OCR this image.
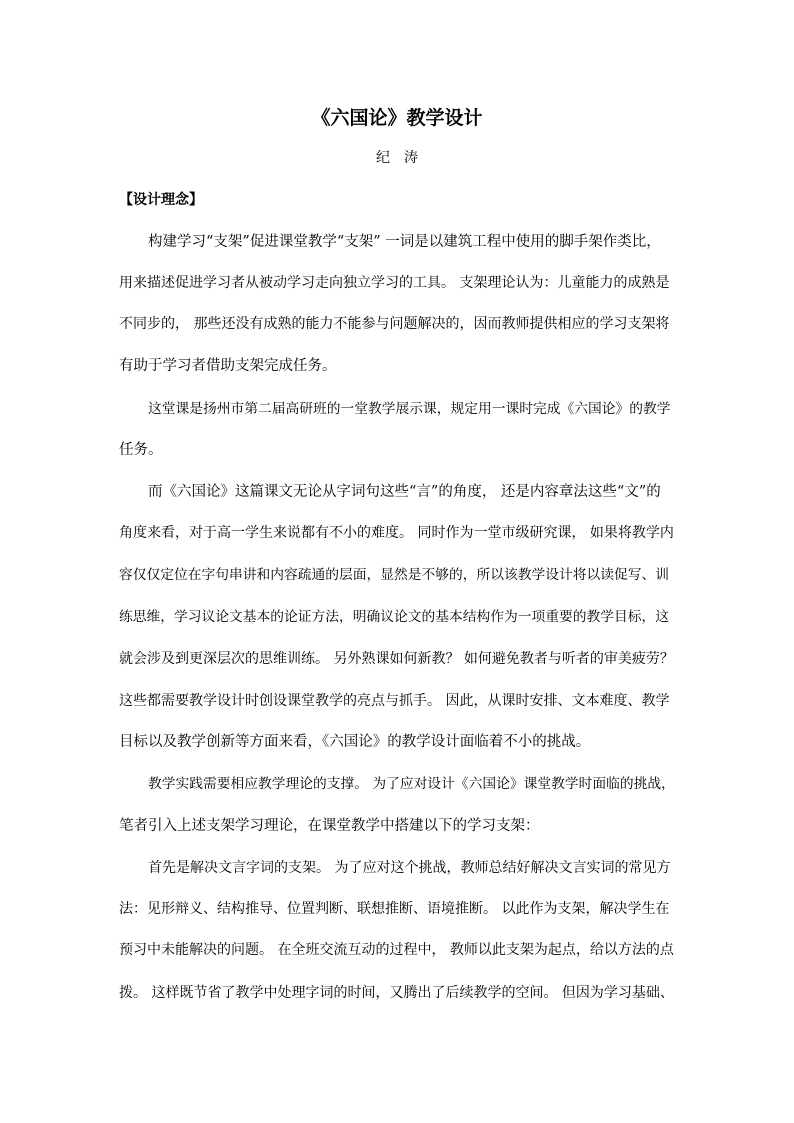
《六国论》教学设计
纪　涛
【设计理念】
构建学习“支架”促进课堂教学“支架” 一词是以建筑工程中使用的脚手架作类比，
用来描述促进学习者从被动学习走向独立学习的工具。 支架理论认为：儿童能力的成熟是
不同步的， 那些还没有成熟的能力不能参与问题解决的，因而教师提供相应的学习支架将
有助于学习者借助支架完成任务。
这堂课是扬州市第二届高研班的一堂教学展示课，规定用一课时完成《六国论》的教学
任务。
而《六国论》这篇课文无论从字词句这些“言”的角度， 还是内容章法这些“文”的
角度来看，对于高一学生来说都有不小的难度。 同时作为一堂市级研究课， 如果将教学内
容仅仅定位在字句串讲和内容疏通的层面，显然是不够的，所以该教学设计将以读促写、训
练思维，学习议论文基本的论证方法，明确议论文的基本结构作为一项重要的教学目标，这
就会涉及到更深层次的思维训练。 另外熟课如何新教？ 如何避免教者与听者的审美疲劳？
这些都需要教学设计时创设课堂教学的亮点与抓手。 因此，从课时安排、文本难度、教学
目标以及教学创新等方面来看，《六国论》的教学设计面临着不小的挑战。
教学实践需要相应教学理论的支撑。 为了应对设计《六国论》课堂教学时面临的挑战，
笔者引入上述支架学习理论，在课堂教学中搭建以下的学习支架：
首先是解决文言字词的支架。 为了应对这个挑战，教师总结好解决文言实词的常见方
法：见形辩义、结构推导、位置判断、联想推断、语境推断。 以此作为支架，解决学生在
预习中未能解决的问题。 在全班交流互动的过程中， 教师以此支架为起点，给以方法的点
拨。 这样既节省了教学中处理字词的时间，又腾出了后续教学的空间。 但因为学习基础、
